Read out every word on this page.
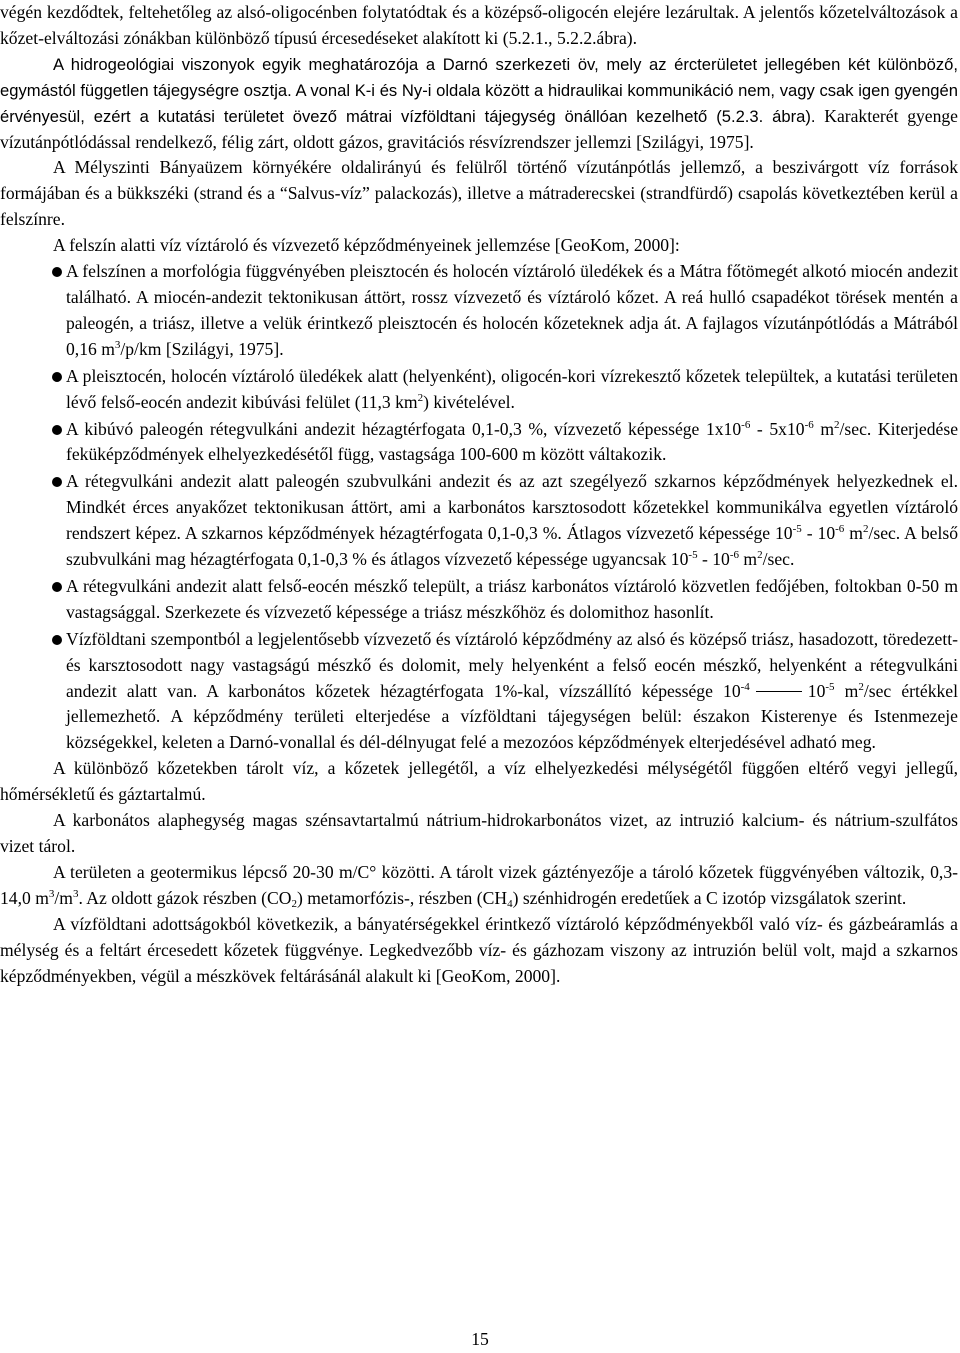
végén kezdődtek, feltehetőleg az alsó-oligocénben folytatódtak és a középső-oligocén elejére lezárultak. A jelentős kőzetelváltozások a kőzet-elváltozási zónákban különböző típusú ércesedéseket alakított ki (5.2.1., 5.2.2.ábra).

A hidrogeológiai viszonyok egyik meghatározója a Darnó szerkezeti öv, mely az ércterületet jellegében két különböző, egymástól független tájegységre osztja. A vonal K-i és Ny-i oldala között a hidraulikai kommunikáció nem, vagy csak igen gyengén érvényesül, ezért a kutatási területet övező mátrai vízföldtani tájegység önállóan kezelhető (5.2.3. ábra). Karakterét gyenge vízutánpótlódással rendelkező, félig zárt, oldott gázos, gravitációs résvízrendszer jellemzi [Szilágyi, 1975].

A Mélyszinti Bányaüzem környékére oldalirányú és felülről történő vízutánpótlás jellemző, a beszivárgott víz források formájában és a bükkszéki (strand és a “Salvus-víz” palackozás), illetve a mátraderecskei (strandfürdő) csapolás következtében kerül a felszínre.

A felszín alatti víz víztároló és vízvezető képződményeinek jellemzése [GeoKom, 2000]:

A felszínen a morfológia függvényében pleisztocén és holocén víztároló üledékek és a Mátra főtömegét alkotó miocén andezit található. A miocén-andezit tektonikusan áttört, rossz vízvezető és víztároló kőzet. A reá hulló csapadékot törések mentén a paleogén, a triász, illetve a velük érintkező pleisztocén és holocén kőzeteknek adja át. A fajlagos vízutánpótlódás a Mátrából 0,16 $m^3/p/km$ [Szilágyi, 1975].
A pleisztocén, holocén víztároló üledékek alatt (helyenként), oligocén-kori vízrekesztő kőzetek települtek, a kutatási területen lévő felső-eocén andezit kibúvási felület (11,3 $km^2$) kivételével.
A kibúvó paleogén rétegvulkáni andezit hézagtérfogata 0,1-0,3 %, vízvezető képessége $1x10^{-6} - 5x10^{-6}$ $m^2/\sec$. Kiterjedése feküképződmények elhelyezkedésétől függ, vastagsága 100-600 m között váltakozik.
A rétegvulkáni andezit alatt paleogén szubvulkáni andezit és az azt szegélyező szkarnos képződmények helyezkednek el. Mindkét érces anyakőzet tektonikusan áttört, ami a karbonátos karsztosodott kőzetekkel kommunikálva egyetlen víztároló rendszert képez. A szkarnos képződmények hézagtérfogata 0,1-0,3 %. Átlagos vízvezető képessége $10^{-5} - 10^{-6}$ $m^2/\sec$. A belső szubvulkáni mag hézagtérfogata 0,1-0,3 % és átlagos vízvezető képessége ugyancsak $10^{-5} - 10^{-6}$ $m^2/\sec$.
A rétegvulkáni andezit alatt felső-eocén mészkő települt, a triász karbonátos víztároló közvetlen fedőjében, foltokban 0-50 m vastagsággal. Szerkezete és vízvezető képessége a triász mészkőhöz és dolomithoz hasonlít.
Vízföldtani szempontból a legjelentősebb vízvezető és víztároló képződmény az alsó és középső triász, hasadozott, töredezett- és karsztosodott nagy vastagságú mészkő és dolomit, mely helyenként a felső eocén mészkő, helyenként a rétegvulkáni andezit alatt van. A karbonátos kőzetek hézagtérfogata 1%-kal, vízszállító képessége $10^{-4}$	$10^{-5}$ $m^2/\sec$ értékkel jellemezhető. A képződmény területi elterjedése a vízföldtani tájegységen belül: északon Kisterenye és Istenmezeje községekkel, keleten a Darnó-vonallal és dél-délnyugat felé a mezozóos képződmények elterjedésével adható meg.

A különböző kőzetekben tárolt víz, a kőzetek jellegétől, a víz elhelyezkedési mélységétől függően eltérő vegyi jellegű, hőmérsékletű és gáztartalmú.

A karbonátos alaphegység magas szénsavtartalmú nátrium-hidrokarbonátos vizet, az intruzió kalcium- és nátrium-szulfátos vizet tárol.

A területen a geotermikus lépcső 20-30 m/C° közötti. A tárolt vizek gáztényezője a tároló kőzetek függvényében változik, 0,3-14,0 $m^3/m^3$. Az oldott gázok részben $(CO_2)$ metamorfózis-, részben $(CH_4)$ szénhidrogén eredetűek a C izotóp vizsgálatok szerint.

A vízföldtani adottságokból következik, a bányatérségekkel érintkező víztároló képződményekből való víz- és gázbeáramlás a mélység és a feltárt ércesedett kőzetek függvénye. Legkedvezőbb víz- és gázhozam viszony az intruzión belül volt, majd a szkarnos képződményekben, végül a mészkövek feltárásánál alakult ki [GeoKom, 2000].

15
